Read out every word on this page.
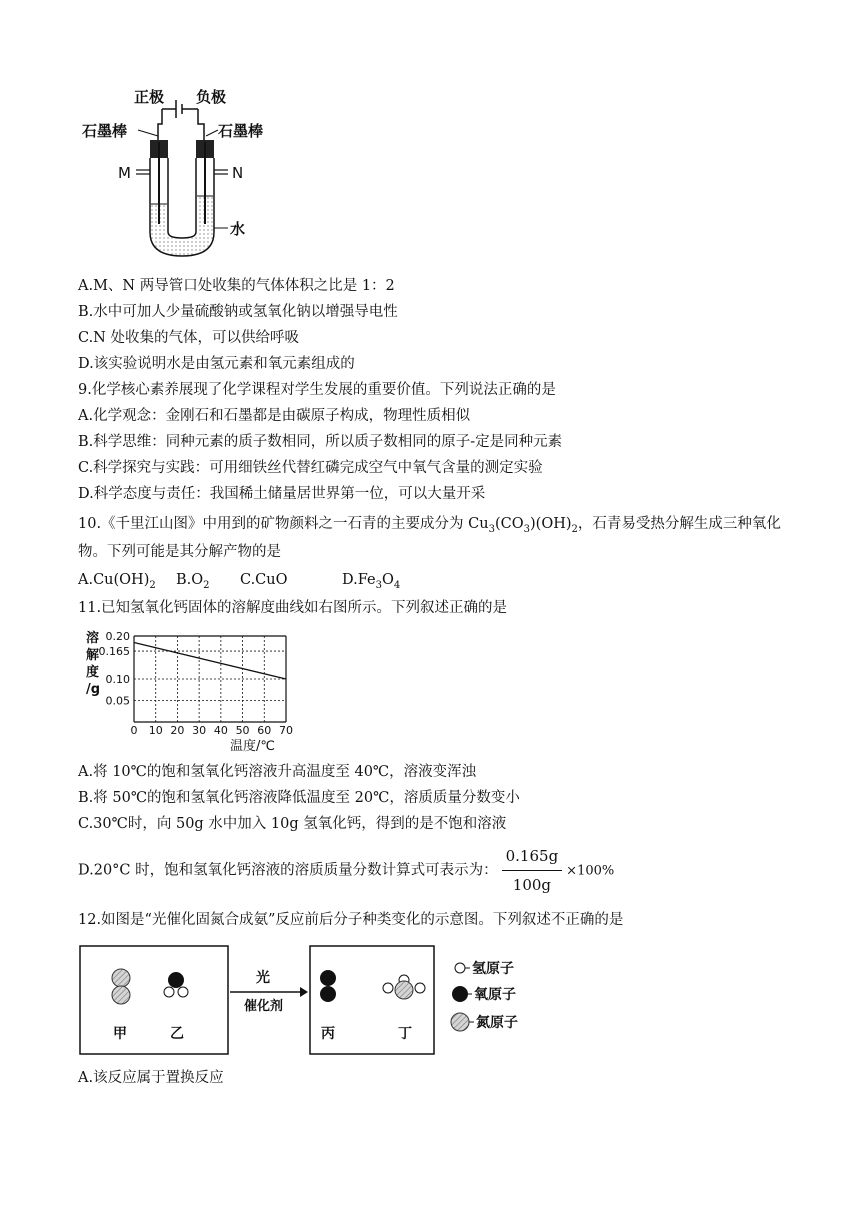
正极 负极
石墨棒	石墨棒
M	N
水
A.M、N 两导管口处收集的气体体积之比是 1：2
B.水中可加人少量硫酸钠或氢氧化钠以增强导电性
C.N 处收集的气体，可以供给呼吸
D.该实验说明水是由氢元素和氧元素组成的
9.化学核心素养展现了化学课程对学生发展的重要价值。下列说法正确的是
A.化学观念：金刚石和石墨都是由碳原子构成，物理性质相似
B.科学思维：同种元素的质子数相同，所以质子数相同的原子-定是同种元素
C.科学探究与实践：可用细铁丝代替红磷完成空气中氧气含量的测定实验
D.科学态度与责任：我国稀土储量居世界第一位，可以大量开采
10.《千里江山图》中用到的矿物颜料之一石青的主要成分为 $Cu_3(CO_3)(OH)_2$，石青易受热分解生成三种氧化
物。下列可能是其分解产物的是
$A.Cu(OH)_2$ $B.O_2$ C.CuO	$D.Fe_3O_4$
11.已知氢氧化钙固体的溶解度曲线如右图所示。下列叙述正确的是
溶
解
度
/g
0.05
0.10
0.165
0.20
0 10 20 30 40 50 60 70
温度/℃
A.将 10℃的饱和氢氧化钙溶液升高温度至 40℃，溶液变浑浊
B.将 50℃的饱和氢氧化钙溶液降低温度至 20℃，溶质质量分数变小
C.30℃时，向 50g 水中加入 10g 氢氧化钙，得到的是不饱和溶液
D.20°C 时，饱和氢氧化钙溶液的溶质质量分数计算式可表示为： $\frac{0.165g}{100g} \times 100\%$
12.如图是“光催化固氮合成氨”反应前后分子种类变化的示意图。下列叙述不正确的是
甲	乙
光
催化剂
丙	丁
氢原子
氧原子
氮原子
A.该反应属于置换反应
